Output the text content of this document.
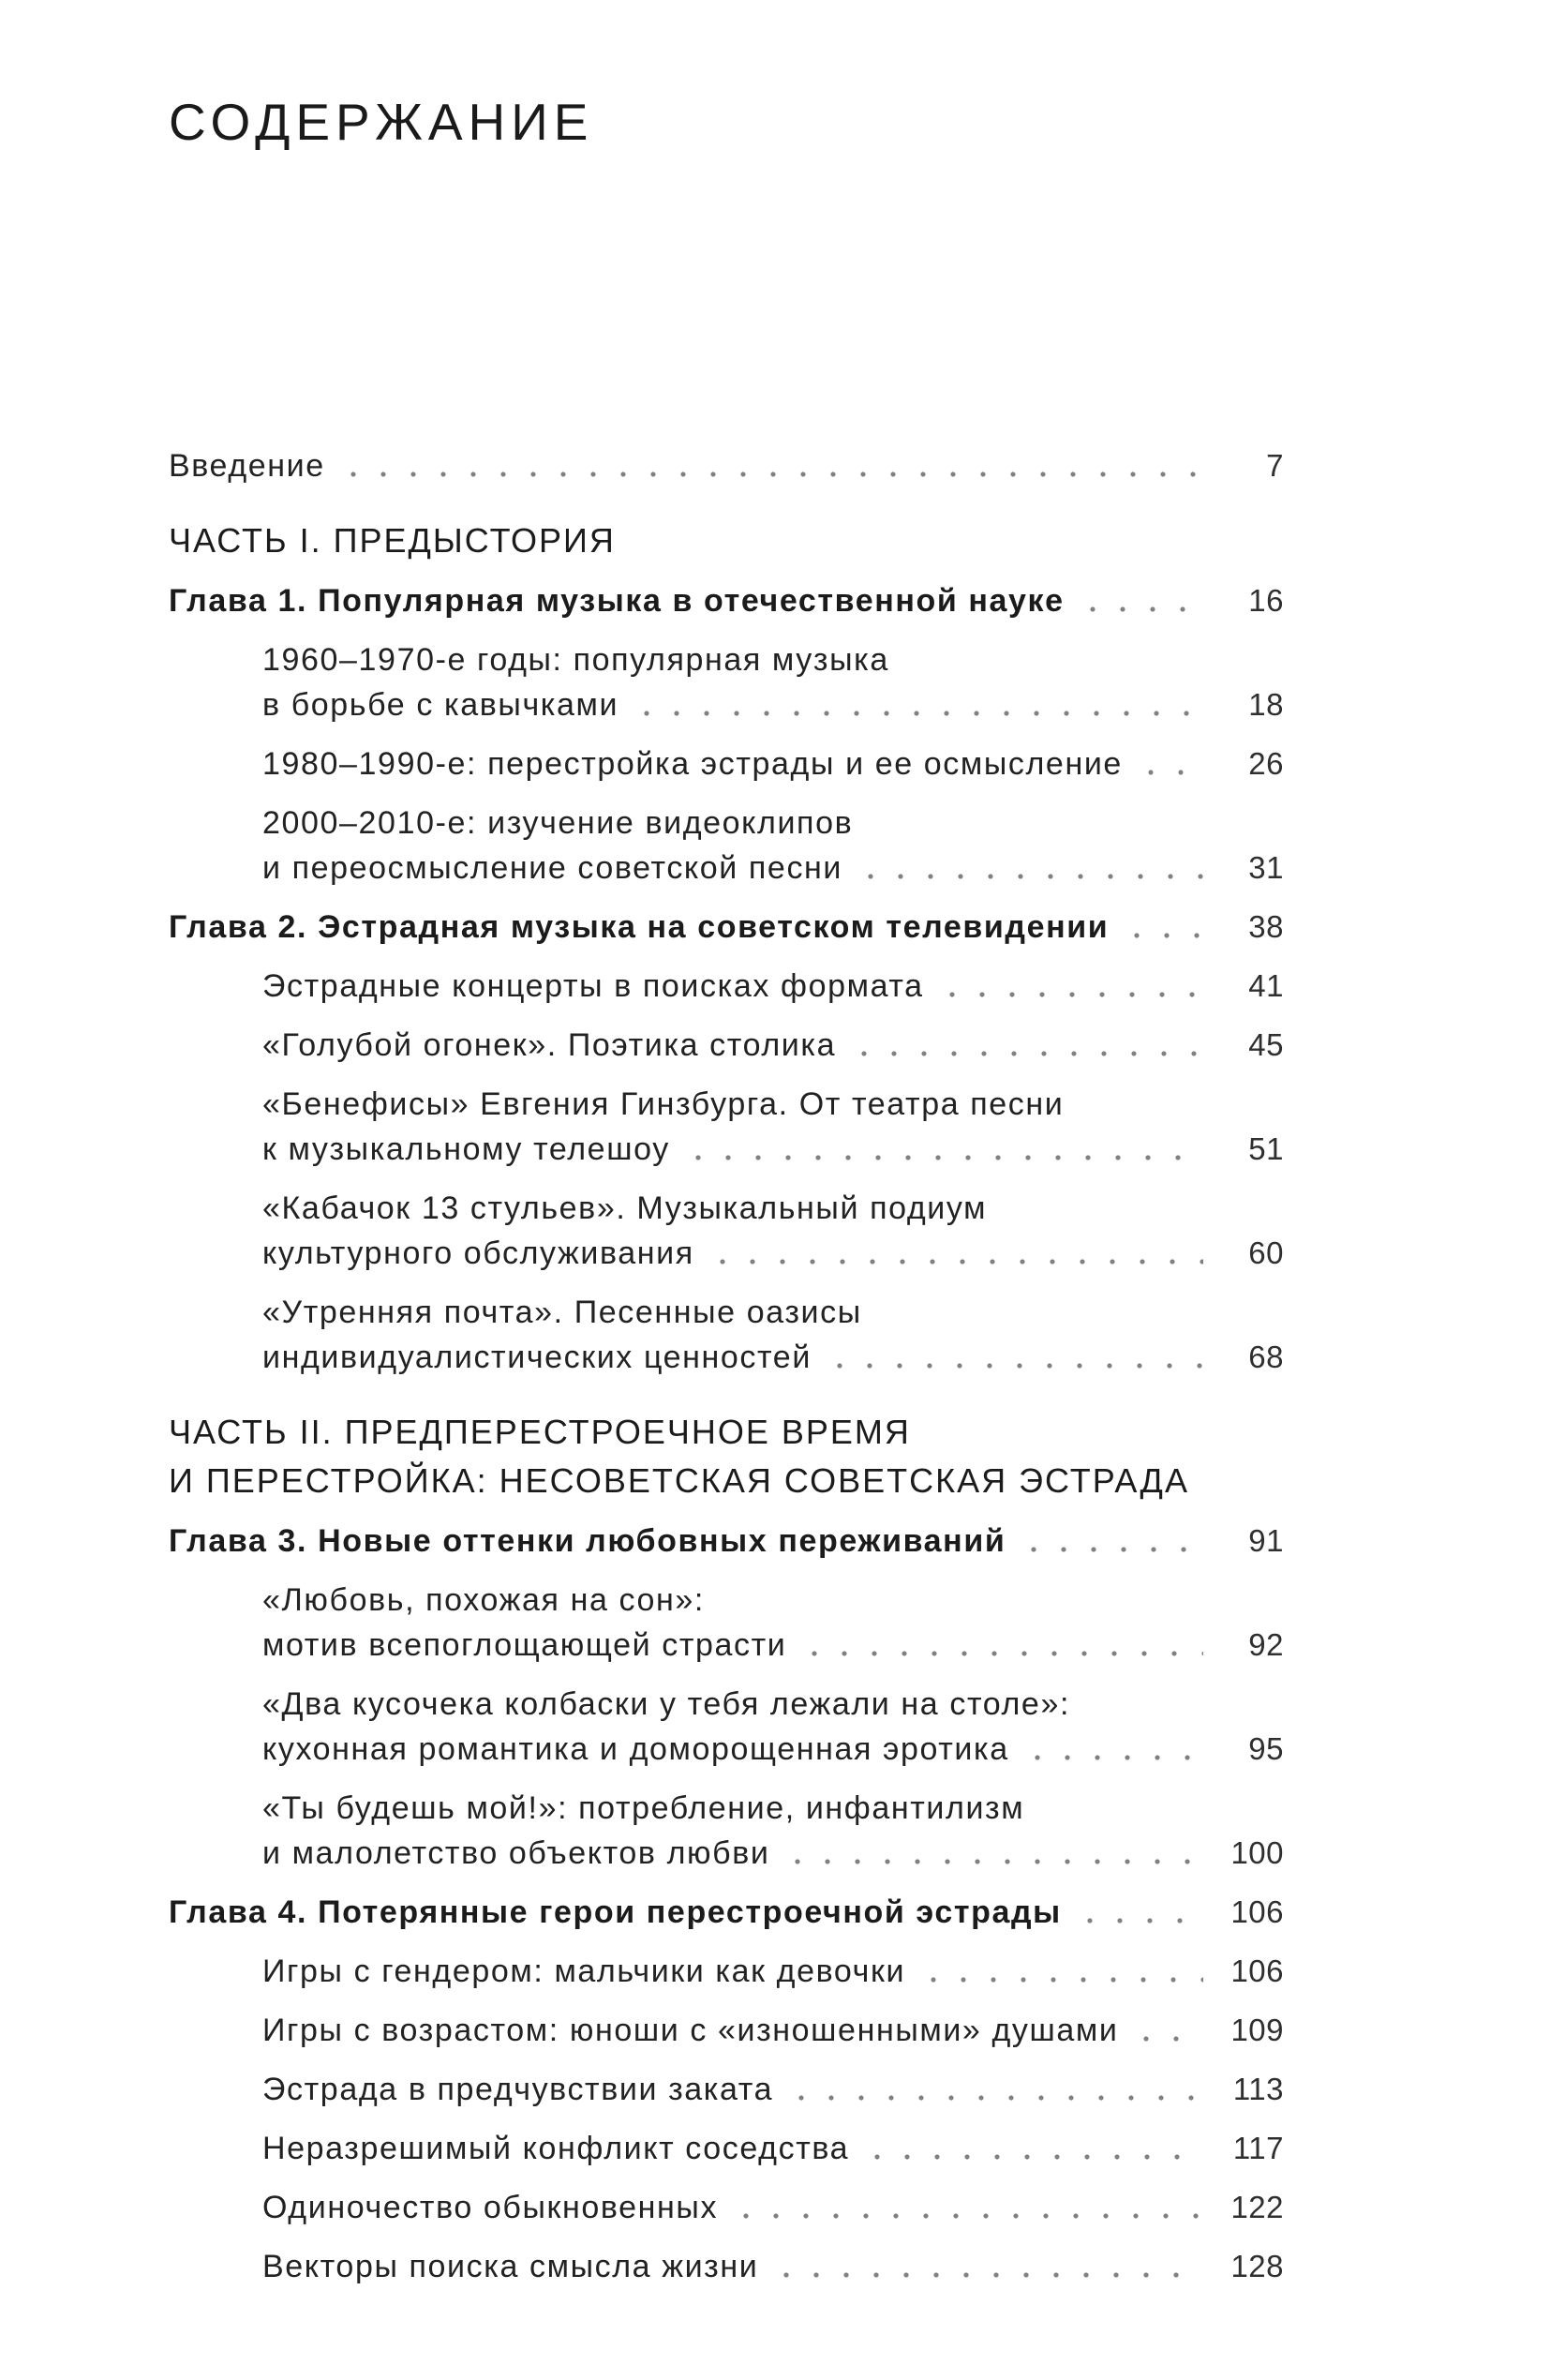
СОДЕРЖАНИЕ
Введение	7
ЧАСТЬ I. ПРЕДЫСТОРИЯ
Глава 1. Популярная музыка в отечественной науке	16
1960–1970-е годы: популярная музыка
в борьбе с кавычками	18
1980–1990-е: перестройка эстрады и ее осмысление	26
2000–2010-е: изучение видеоклипов
и переосмысление советской песни	31
Глава 2. Эстрадная музыка на советском телевидении	38
Эстрадные концерты в поисках формата	41
«Голубой огонек». Поэтика столика	45
«Бенефисы» Евгения Гинзбурга. От театра песни
к музыкальному телешоу	51
«Кабачок 13 стульев». Музыкальный подиум
культурного обслуживания	60
«Утренняя почта». Песенные оазисы
индивидуалистических ценностей	68
ЧАСТЬ II. ПРЕДПЕРЕСТРОЕЧНОЕ ВРЕМЯ
И ПЕРЕСТРОЙКА: НЕСОВЕТСКАЯ СОВЕТСКАЯ ЭСТРАДА
Глава 3. Новые оттенки любовных переживаний	91
«Любовь, похожая на сон»:
мотив всепоглощающей страсти	92
«Два кусочека колбаски у тебя лежали на столе»:
кухонная романтика и доморощенная эротика	95
«Ты будешь мой!»: потребление, инфантилизм
и малолетство объектов любви	100
Глава 4. Потерянные герои перестроечной эстрады	106
Игры с гендером: мальчики как девочки	106
Игры с возрастом: юноши с «изношенными» душами	109
Эстрада в предчувствии заката	113
Неразрешимый конфликт соседства	117
Одиночество обыкновенных	122
Векторы поиска смысла жизни	128
